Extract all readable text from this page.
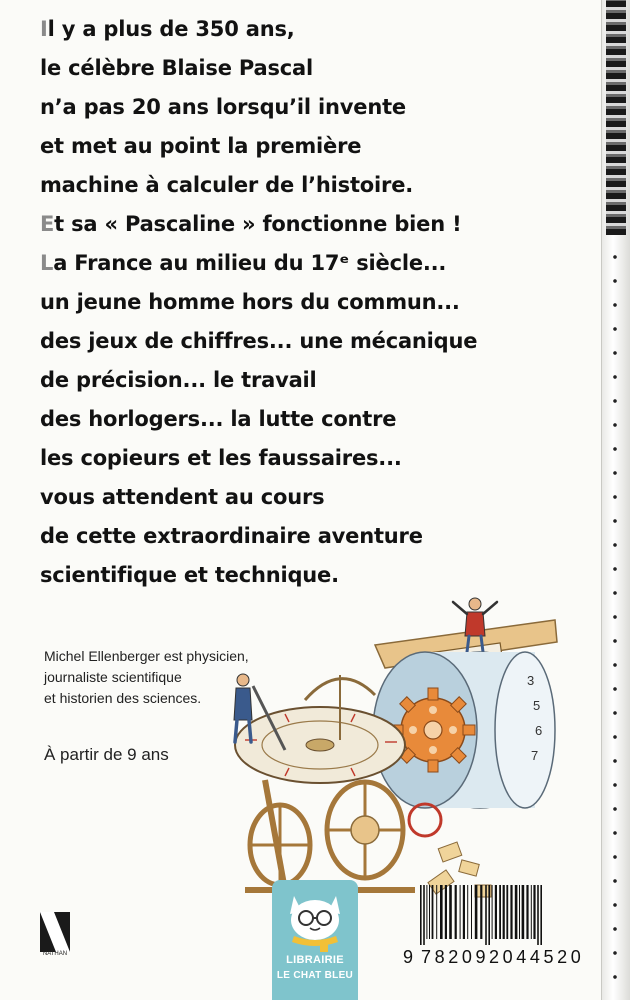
Il y a plus de 350 ans,
le célèbre Blaise Pascal
n’a pas 20 ans lorsqu’il invente
et met au point la première
machine à calculer de l’histoire.
Et sa « Pascaline » fonctionne bien !
La France au milieu du 17ᵉ siècle...
un jeune homme hors du commun...
des jeux de chiffres... une mécanique
de précision... le travail
des horlogers... la lutte contre
les copieurs et les faussaires...
vous attendent au cours
de cette extraordinaire aventure
scientifique et technique.
Michel Ellenberger est physicien,
journaliste scientifique
et historien des sciences.
À partir de 9 ans
3
5
6
7
NATHAN	LIBRAIRIE
LE CHAT BLEU
9 782092044520
